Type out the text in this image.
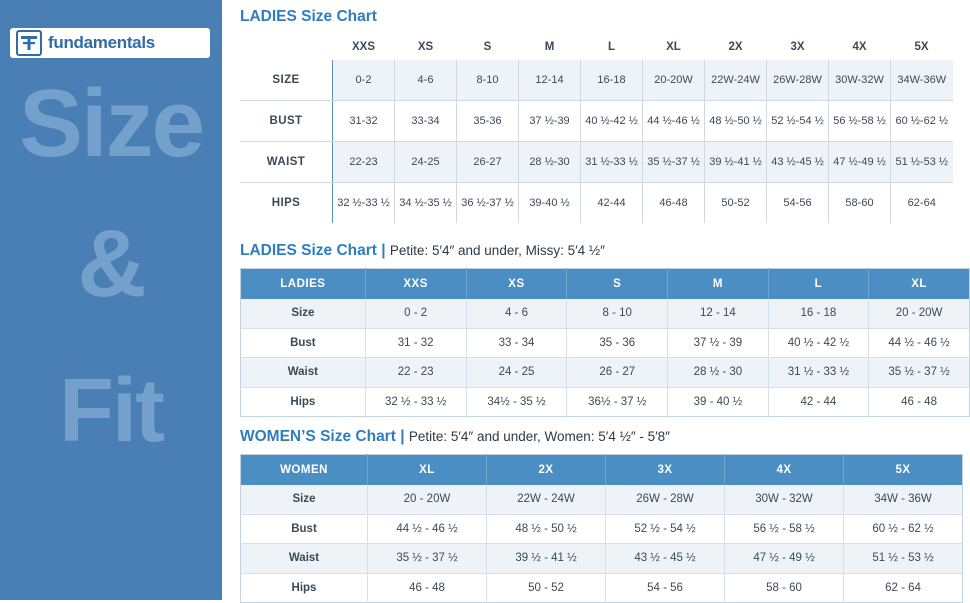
fundamentals
Size
&
Fit
LADIES Size Chart
	XXS	XS	S	M	L	XL	2X	3X	4X	5X
SIZE	0-2	4-6	8-10	12-14	16-18	20-20W	22W-24W	26W-28W	30W-32W	34W-36W
BUST	31-32	33-34	35-36	37 ½-39	40 ½-42 ½	44 ½-46 ½	48 ½-50 ½	52 ½-54 ½	56 ½-58 ½	60 ½-62 ½
WAIST	22-23	24-25	26-27	28 ½-30	31 ½-33 ½	35 ½-37 ½	39 ½-41 ½	43 ½-45 ½	47 ½-49 ½	51 ½-53 ½
HIPS	32 ½-33 ½	34 ½-35 ½	36 ½-37 ½	39-40 ½	42-44	46-48	50-52	54-56	58-60	62-64
LADIES Size Chart | Petite: 5′4″ and under, Missy: 5′4 ½″
LADIES	XXS	XS	S	M	L	XL
Size	0 - 2	4 - 6	8 - 10	12 - 14	16 - 18	20 - 20W
Bust	31 - 32	33 - 34	35 - 36	37 ½ - 39	40 ½ - 42 ½	44 ½ - 46 ½
Waist	22 - 23	24 - 25	26 - 27	28 ½ - 30	31 ½ - 33 ½	35 ½ - 37 ½
Hips	32 ½ - 33 ½	34½ - 35 ½	36½ - 37 ½	39 - 40 ½	42 - 44	46 - 48
WOMEN’S Size Chart | Petite: 5′4″ and under, Women: 5′4 ½″ - 5′8″
WOMEN	XL	2X	3X	4X	5X
Size	20 - 20W	22W - 24W	26W - 28W	30W - 32W	34W - 36W
Bust	44 ½ - 46 ½	48 ½ - 50 ½	52 ½ - 54 ½	56 ½ - 58 ½	60 ½ - 62 ½
Waist	35 ½ - 37 ½	39 ½ - 41 ½	43 ½ - 45 ½	47 ½ - 49 ½	51 ½ - 53 ½
Hips	46 - 48	50 - 52	54 - 56	58 - 60	62 - 64
